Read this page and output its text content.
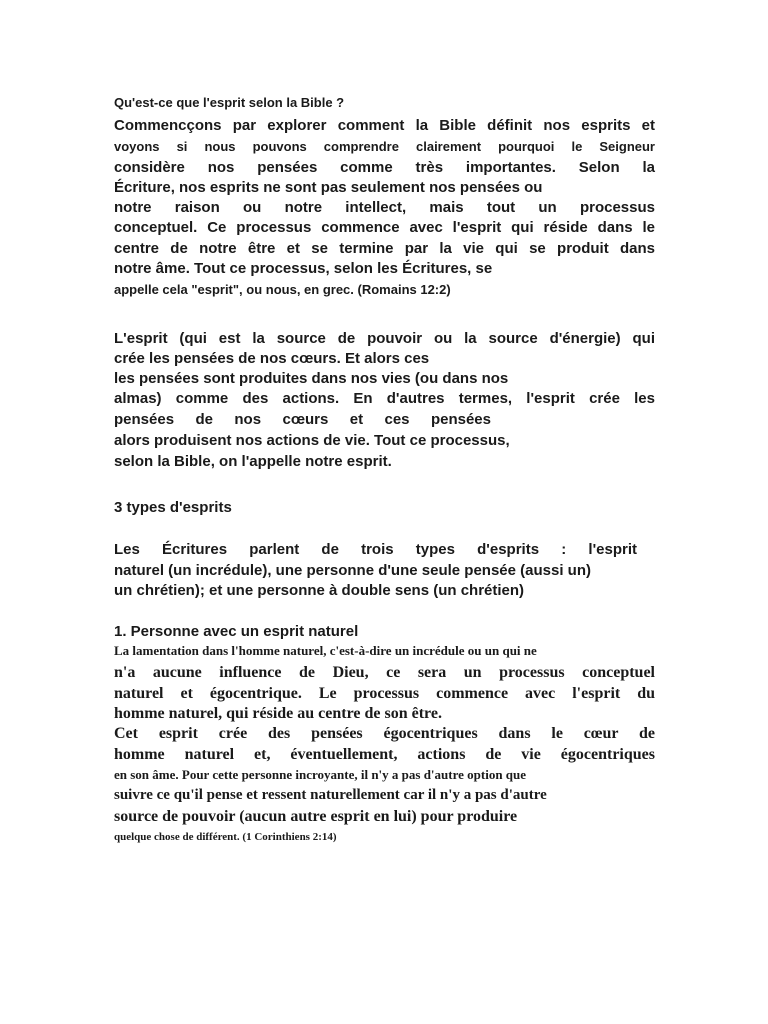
Qu'est-ce que l'esprit selon la Bible ?
Commencçons par explorer comment la Bible définit nos esprits et
voyons si nous pouvons comprendre clairement pourquoi le Seigneur
considère nos pensées comme très importantes. Selon la
Écriture, nos esprits ne sont pas seulement nos pensées ou
notre raison ou notre intellect, mais tout un processus
conceptuel. Ce processus commence avec l'esprit qui réside dans le
centre de notre être et se termine par la vie qui se produit dans
notre âme. Tout ce processus, selon les Écritures, se
appelle cela "esprit", ou nous, en grec. (Romains 12:2)
L'esprit (qui est la source de pouvoir ou la source d'énergie) qui
crée les pensées de nos cœurs. Et alors ces
les pensées sont produites dans nos vies (ou dans nos
almas) comme des actions. En d'autres termes, l'esprit crée les
pensées de nos cœurs et ces pensées
alors produisent nos actions de vie. Tout ce processus,
selon la Bible, on l'appelle notre esprit.
3 types d'esprits
Les Écritures parlent de trois types d'esprits : l'esprit
naturel (un incrédule), une personne d'une seule pensée (aussi un)
un chrétien); et une personne à double sens (un chrétien)
1. Personne avec un esprit naturel
La lamentation dans l'homme naturel, c'est-à-dire un incrédule ou un qui ne
n'a aucune influence de Dieu, ce sera un processus conceptuel
naturel et égocentrique. Le processus commence avec l'esprit du
homme naturel, qui réside au centre de son être.
Cet esprit crée des pensées égocentriques dans le cœur de
homme naturel et, éventuellement, actions de vie égocentriques
en son âme. Pour cette personne incroyante, il n'y a pas d'autre option que
suivre ce qu'il pense et ressent naturellement car il n'y a pas d'autre
source de pouvoir (aucun autre esprit en lui) pour produire
quelque chose de différent. (1 Corinthiens 2:14)
